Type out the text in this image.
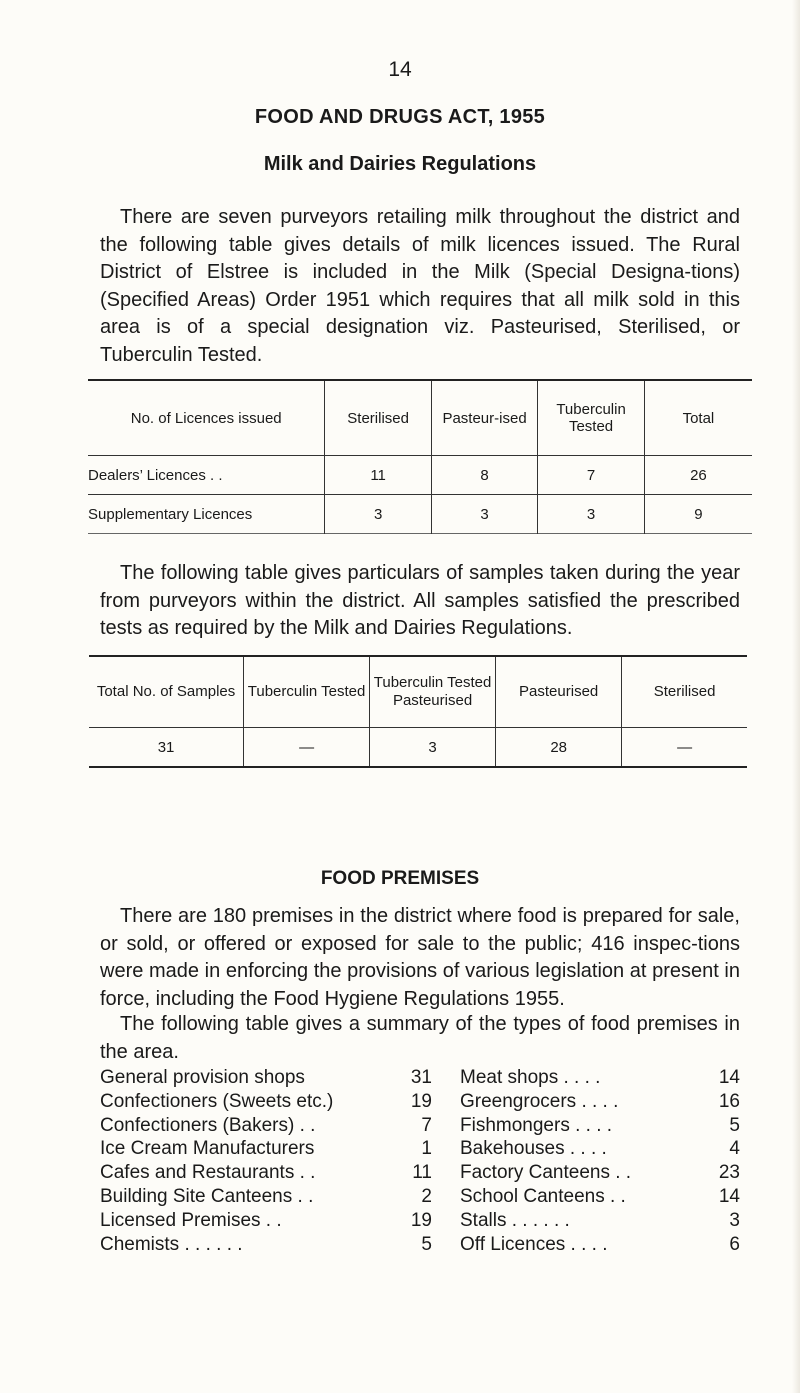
14
FOOD AND DRUGS ACT, 1955
Milk and Dairies Regulations

There are seven purveyors retailing milk throughout the district and the following table gives details of milk licences issued. The Rural District of Elstree is included in the Milk (Special Designa-tions) (Specified Areas) Order 1951 which requires that all milk sold in this area is of a special designation viz. Pasteurised, Sterilised, or Tuberculin Tested.

No. of Licences issued	Sterilised	Pasteur-ised	Tuberculin Tested	Total
Dealers’ Licences . .	11	8	7	26
Supplementary Licences	3	3	3	9

The following table gives particulars of samples taken during the year from purveyors within the district. All samples satisfied the prescribed tests as required by the Milk and Dairies Regulations.

Total No. of Samples	Tuberculin Tested	Tuberculin Tested Pasteurised	Pasteurised	Sterilised
31	—	3	28	—
FOOD PREMISES

There are 180 premises in the district where food is prepared for sale, or sold, or offered or exposed for sale to the public; 416 inspec-tions were made in enforcing the provisions of various legislation at present in force, including the Food Hygiene Regulations 1955.

The following table gives a summary of the types of food premises in the area.

General provision shops	31
Confectioners (Sweets etc.)	19
Confectioners (Bakers) . .	7
Ice Cream Manufacturers	1
Cafes and Restaurants . .	11
Building Site Canteens . .	2
Licensed Premises . .	19
Chemists . . . . . .	5
Meat shops . . . .	14
Greengrocers . . . .	16
Fishmongers . . . .	5
Bakehouses . . . .	4
Factory Canteens . .	23
School Canteens . .	14
Stalls . . . . . .	3
Off Licences . . . .	6
